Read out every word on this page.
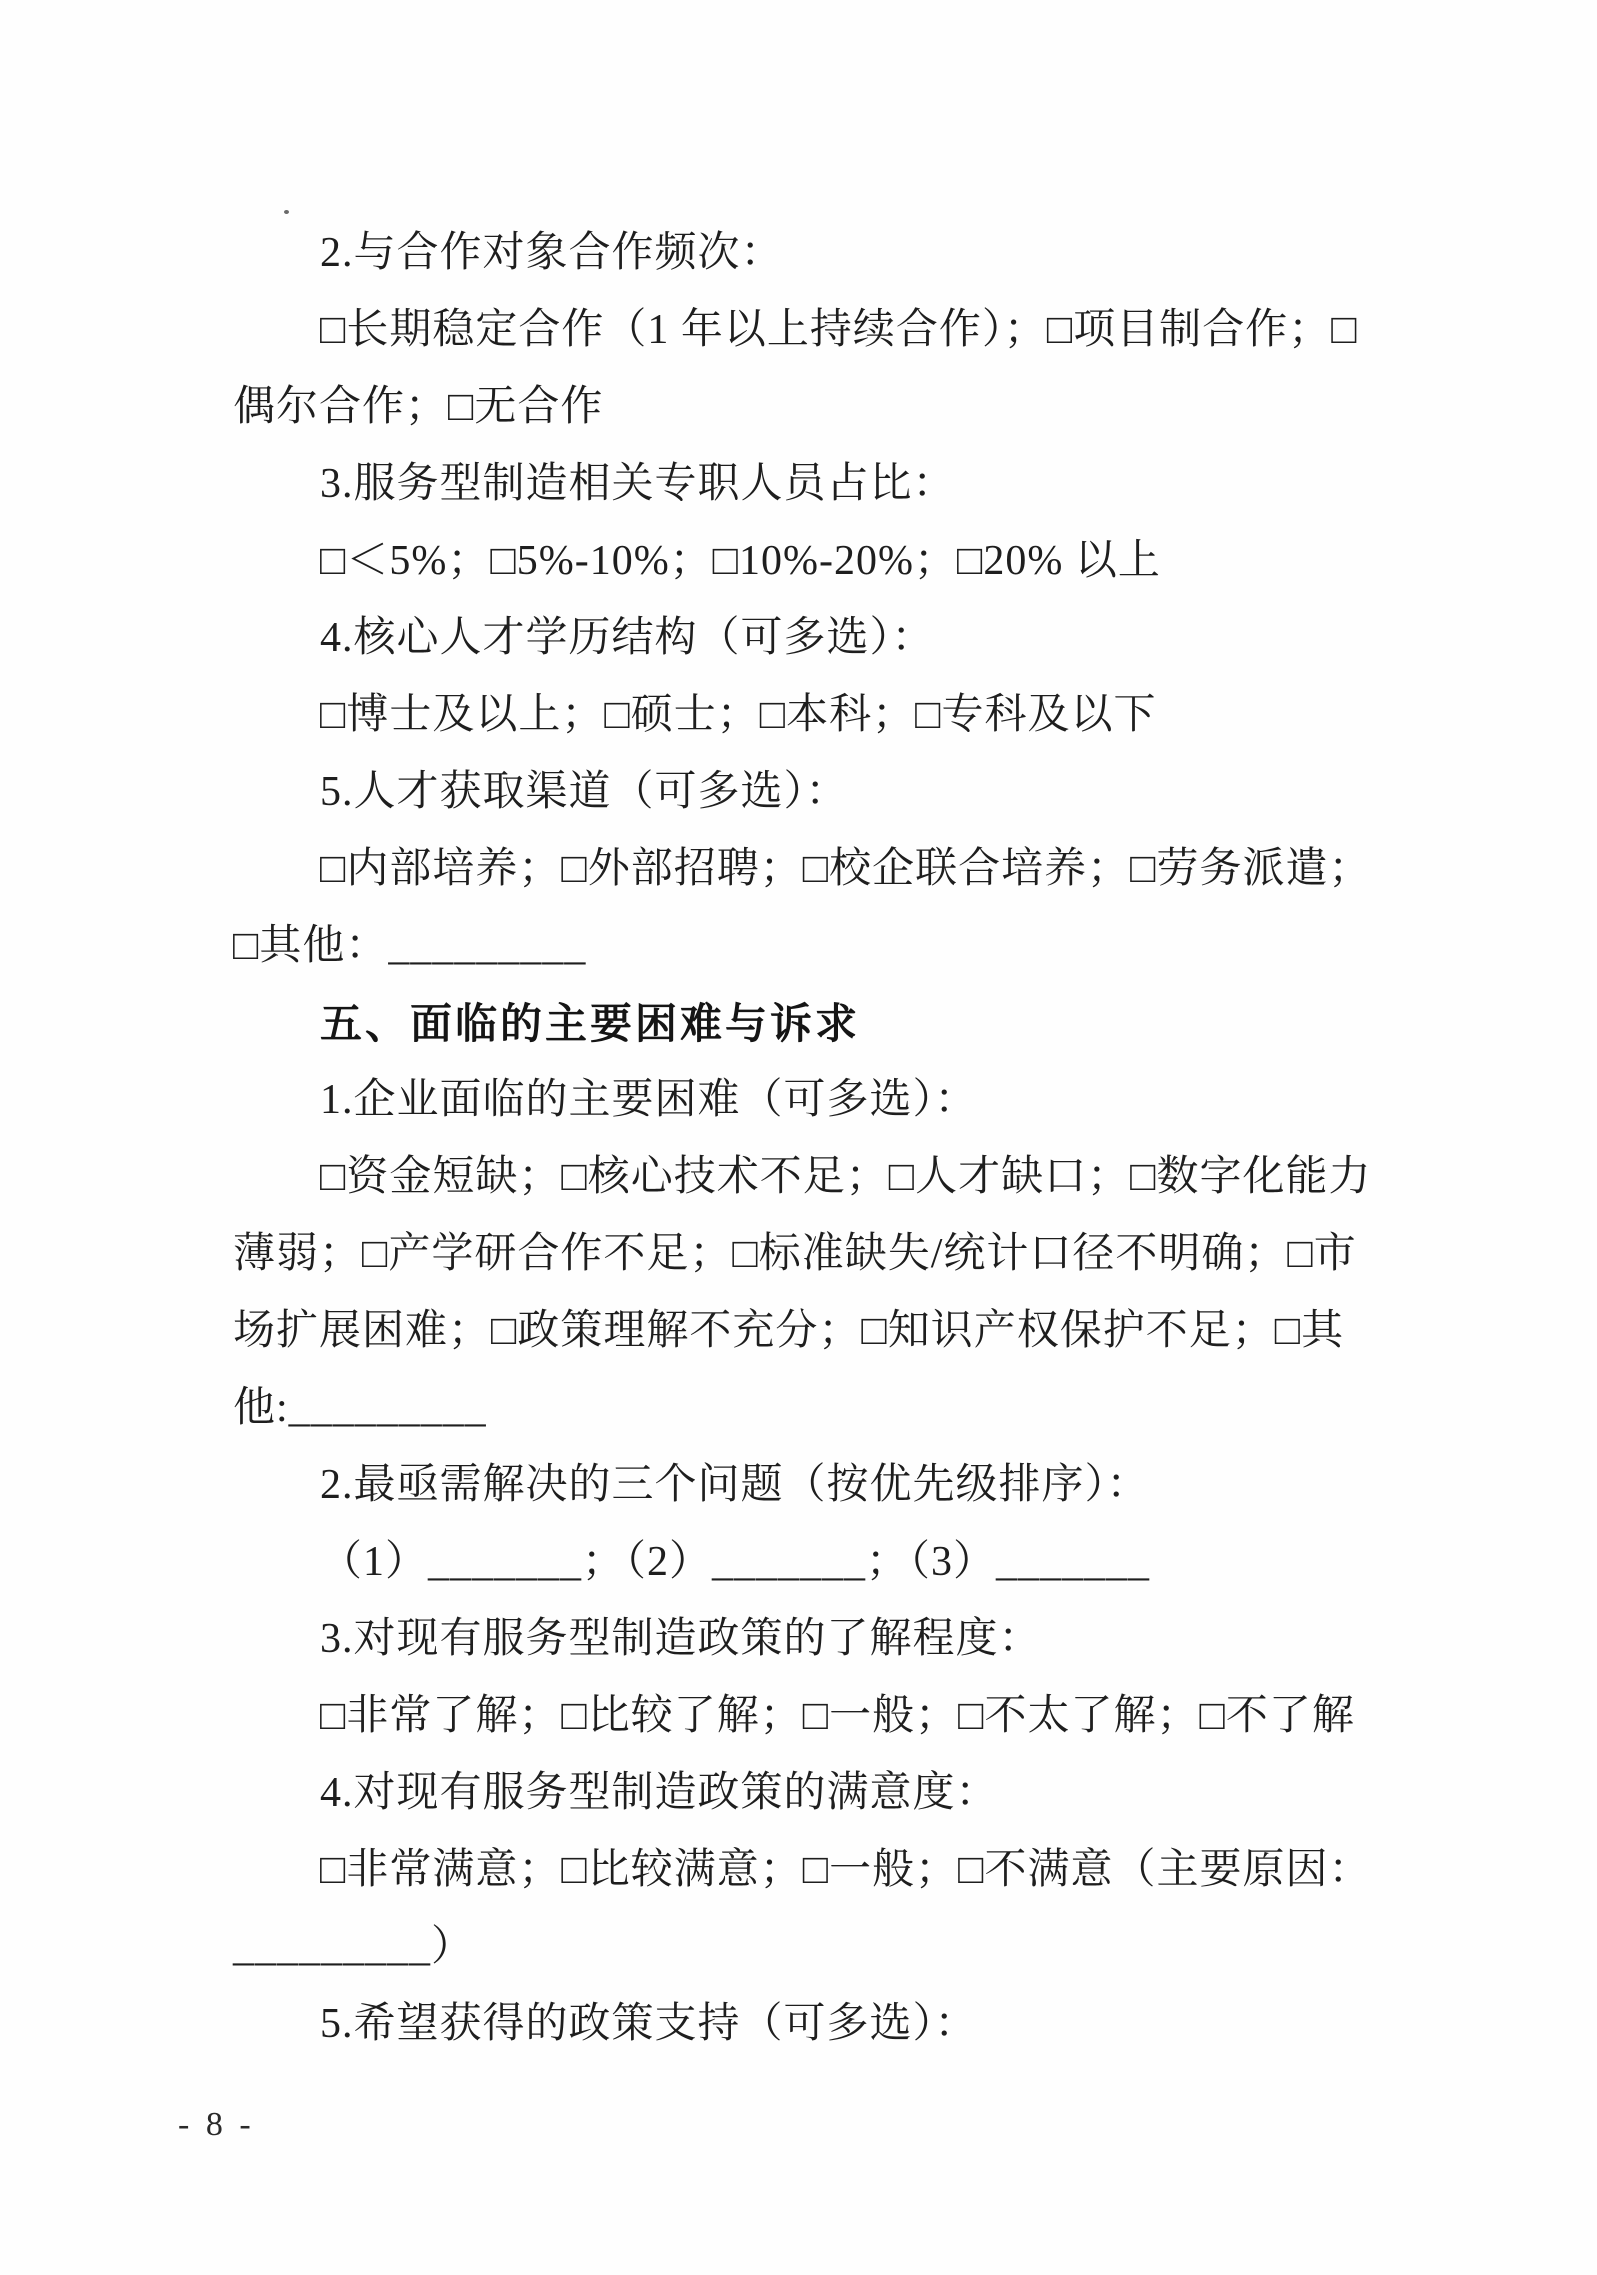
2.与合作对象合作频次：
□长期稳定合作（1 年以上持续合作）；□项目制合作；□
偶尔合作；□无合作
3.服务型制造相关专职人员占比：
□＜5%；□5%-10%；□10%-20%；□20% 以上
4.核心人才学历结构（可多选）：
□博士及以上；□硕士；□本科；□专科及以下
5.人才获取渠道（可多选）：
□内部培养；□外部招聘；□校企联合培养；□劳务派遣；
□其他：_________
五、面临的主要困难与诉求
1.企业面临的主要困难（可多选）：
□资金短缺；□核心技术不足；□人才缺口；□数字化能力
薄弱；□产学研合作不足；□标准缺失/统计口径不明确；□市
场扩展困难；□政策理解不充分；□知识产权保护不足；□其
他:_________
2.最亟需解决的三个问题（按优先级排序）：
（1）_______；（2）_______；（3）_______
3.对现有服务型制造政策的了解程度：
□非常了解；□比较了解；□一般；□不太了解；□不了解
4.对现有服务型制造政策的满意度：
□非常满意；□比较满意；□一般；□不满意（主要原因：
_________）
5.希望获得的政策支持（可多选）：
- 8 -
